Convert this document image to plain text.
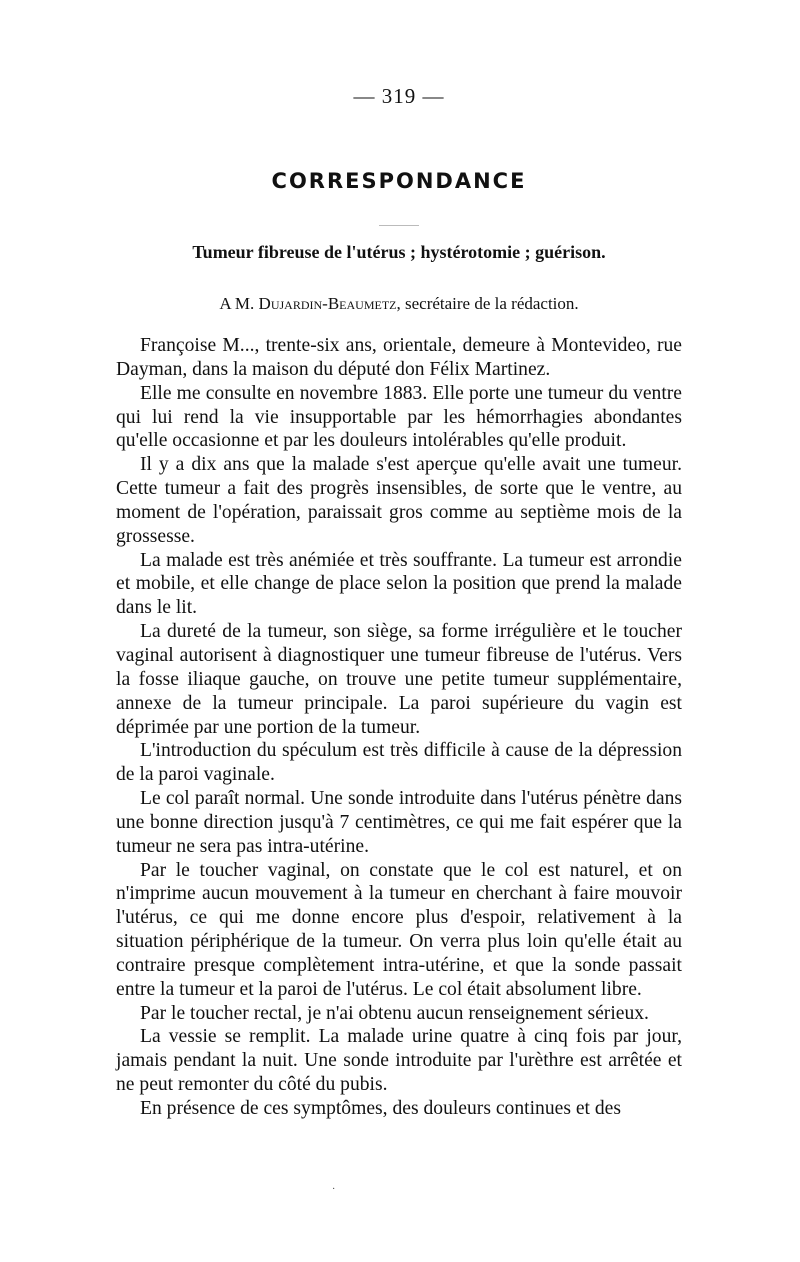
— 319 —
CORRESPONDANCE
Tumeur fibreuse de l'utérus ; hystérotomie ; guérison.
A M. Dujardin-Beaumetz, secrétaire de la rédaction.

Françoise M..., trente-six ans, orientale, demeure à Montevideo, rue Dayman, dans la maison du député don Félix Martinez.

Elle me consulte en novembre 1883. Elle porte une tumeur du ventre qui lui rend la vie insupportable par les hémorrhagies abondantes qu'elle occasionne et par les douleurs intolérables qu'elle produit.

Il y a dix ans que la malade s'est aperçue qu'elle avait une tumeur. Cette tumeur a fait des progrès insensibles, de sorte que le ventre, au moment de l'opération, paraissait gros comme au septième mois de la grossesse.

La malade est très anémiée et très souffrante. La tumeur est arrondie et mobile, et elle change de place selon la position que prend la malade dans le lit.

La dureté de la tumeur, son siège, sa forme irrégulière et le toucher vaginal autorisent à diagnostiquer une tumeur fibreuse de l'utérus. Vers la fosse iliaque gauche, on trouve une petite tumeur supplémentaire, annexe de la tumeur principale. La paroi supérieure du vagin est déprimée par une portion de la tumeur.

L'introduction du spéculum est très difficile à cause de la dépression de la paroi vaginale.

Le col paraît normal. Une sonde introduite dans l'utérus pénètre dans une bonne direction jusqu'à 7 centimètres, ce qui me fait espérer que la tumeur ne sera pas intra-utérine.

Par le toucher vaginal, on constate que le col est naturel, et on n'imprime aucun mouvement à la tumeur en cherchant à faire mouvoir l'utérus, ce qui me donne encore plus d'espoir, relativement à la situation périphérique de la tumeur. On verra plus loin qu'elle était au contraire presque complètement intra-utérine, et que la sonde passait entre la tumeur et la paroi de l'utérus. Le col était absolument libre.

Par le toucher rectal, je n'ai obtenu aucun renseignement sérieux.

La vessie se remplit. La malade urine quatre à cinq fois par jour, jamais pendant la nuit. Une sonde introduite par l'urèthre est arrêtée et ne peut remonter du côté du pubis.

En présence de ces symptômes, des douleurs continues et des

·
